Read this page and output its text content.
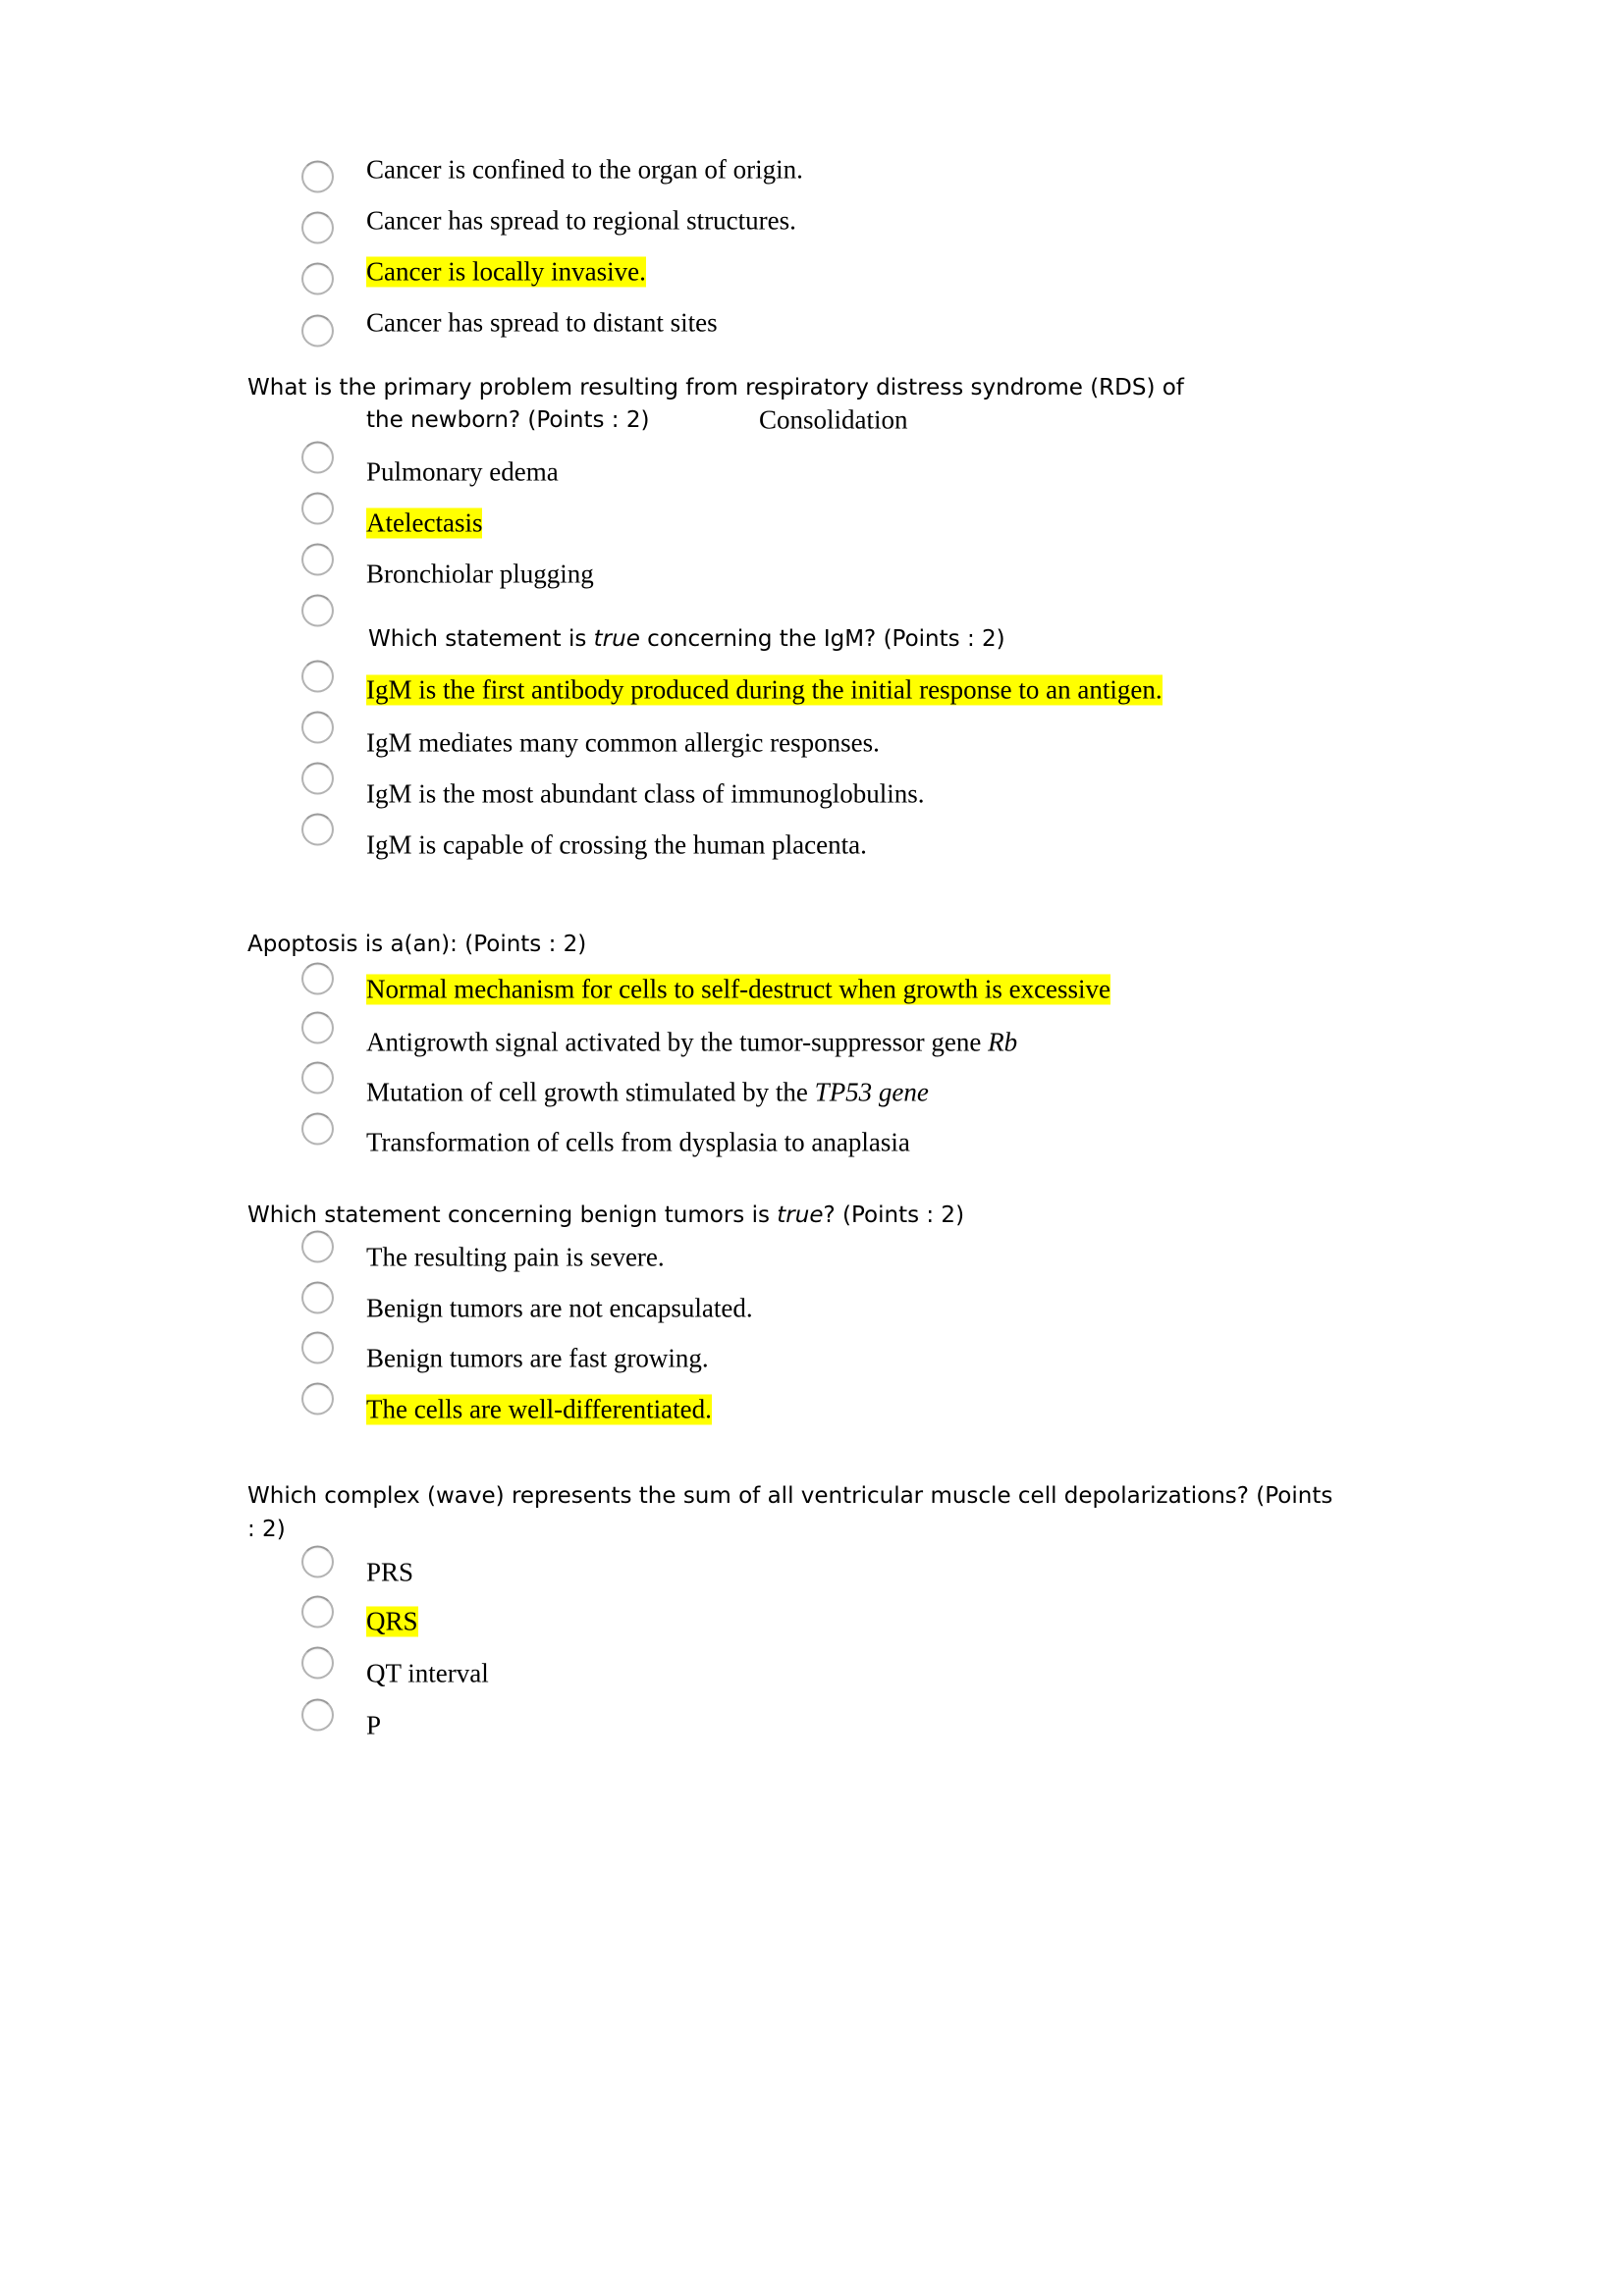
Cancer is confined to the organ of origin.
Cancer has spread to regional structures.
Cancer is locally invasive.
Cancer has spread to distant sites
What is the primary problem resulting from respiratory distress syndrome (RDS) of
the newborn? (Points : 2)	Consolidation
Pulmonary edema
Atelectasis
Bronchiolar plugging
Which statement is true concerning the IgM? (Points : 2)
IgM is the first antibody produced during the initial response to an antigen.
IgM mediates many common allergic responses.
IgM is the most abundant class of immunoglobulins.
IgM is capable of crossing the human placenta.
Apoptosis is a(an): (Points : 2)
Normal mechanism for cells to self-destruct when growth is excessive
Antigrowth signal activated by the tumor-suppressor gene Rb
Mutation of cell growth stimulated by the TP53 gene
Transformation of cells from dysplasia to anaplasia
Which statement concerning benign tumors is true? (Points : 2)
The resulting pain is severe.
Benign tumors are not encapsulated.
Benign tumors are fast growing.
The cells are well-differentiated.
Which complex (wave) represents the sum of all ventricular muscle cell depolarizations? (Points
: 2)
PRS
QRS
QT interval
P
